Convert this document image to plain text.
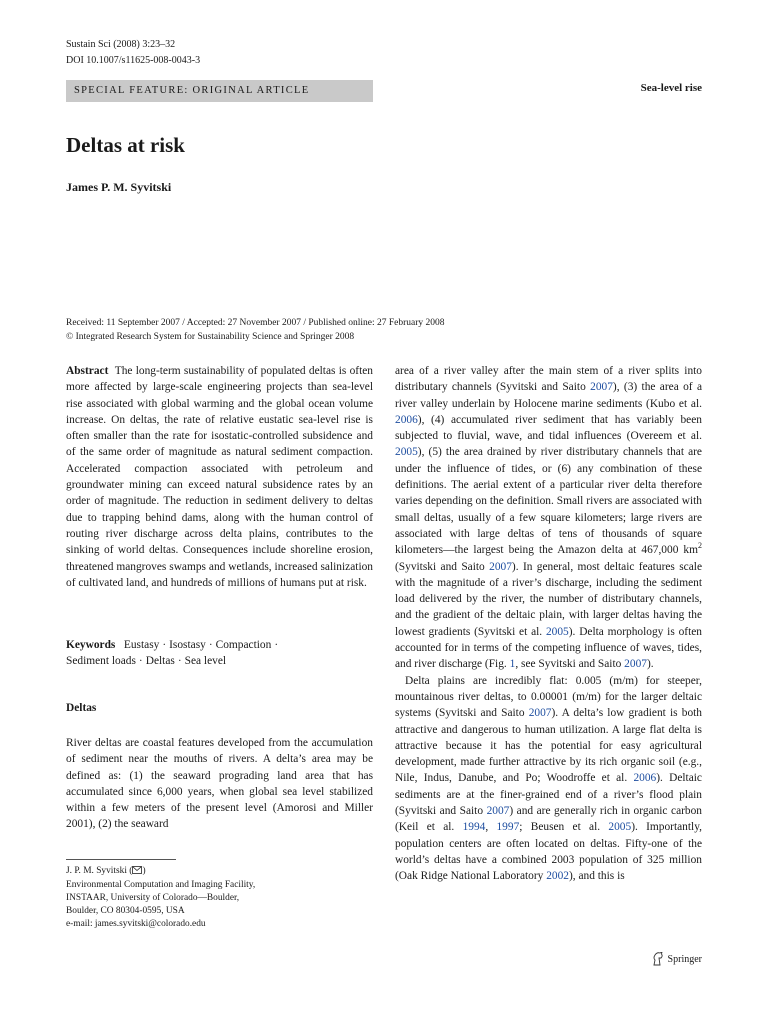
Sustain Sci (2008) 3:23–32
DOI 10.1007/s11625-008-0043-3
SPECIAL FEATURE: ORIGINAL ARTICLE	Sea-level rise
Deltas at risk
James P. M. Syvitski
Received: 11 September 2007 / Accepted: 27 November 2007 / Published online: 27 February 2008
© Integrated Research System for Sustainability Science and Springer 2008

Abstract The long-term sustainability of populated deltas is often more affected by large-scale engineering projects than sea-level rise associated with global warming and the global ocean volume increase. On deltas, the rate of relative eustatic sea-level rise is often smaller than the rate for isostatic-controlled subsidence and of the same order of magnitude as natural sediment compaction. Accelerated compaction associated with petroleum and groundwater mining can exceed natural subsidence rates by an order of magnitude. The reduction in sediment delivery to deltas due to trapping behind dams, along with the human control of routing river discharge across delta plains, contributes to the sinking of world deltas. Consequences include shoreline erosion, threatened mangroves swamps and wetlands, increased salinization of cultivated land, and hundreds of millions of humans put at risk.

Keywords Eustasy · Isostasy · Compaction ·
Sediment loads · Deltas · Sea level
Deltas

River deltas are coastal features developed from the accumulation of sediment near the mouths of rivers. A delta’s area may be defined as: (1) the seaward prograding land area that has accumulated since 6,000 years, when global sea level stabilized within a few meters of the present level (Amorosi and Miller 2001), (2) the seaward

J. P. M. Syvitski ( )
Environmental Computation and Imaging Facility,
INSTAAR, University of Colorado—Boulder,
Boulder, CO 80304-0595, USA
e-mail: james.syvitski@colorado.edu

area of a river valley after the main stem of a river splits into distributary channels (Syvitski and Saito 2007), (3) the area of a river valley underlain by Holocene marine sediments (Kubo et al. 2006), (4) accumulated river sediment that has variably been subjected to fluvial, wave, and tidal influences (Overeem et al. 2005), (5) the area drained by river distributary channels that are under the influence of tides, or (6) any combination of these definitions. The aerial extent of a particular river delta therefore varies depending on the definition. Small rivers are associated with small deltas, usually of a few square kilometers; large rivers are associated with large deltas of tens of thousands of square kilometers—the largest being the Amazon delta at 467,000 $km^2$ (Syvitski and Saito 2007). In general, most deltaic features scale with the magnitude of a river’s discharge, including the sediment load delivered by the river, the number of distributary channels, and the gradient of the deltaic plain, with larger deltas having the lowest gradients (Syvitski et al. 2005). Delta morphology is often accounted for in terms of the competing influence of waves, tides, and river discharge (Fig. 1, see Syvitski and Saito 2007).

Delta plains are incredibly flat: 0.005 (m/m) for steeper, mountainous river deltas, to 0.00001 (m/m) for the larger deltaic systems (Syvitski and Saito 2007). A delta’s low gradient is both attractive and dangerous to human utilization. A large flat delta is attractive because it has the potential for easy agricultural development, made further attractive by its rich organic soil (e.g., Nile, Indus, Danube, and Po; Woodroffe et al. 2006). Deltaic sediments are at the finer-grained end of a river’s flood plain (Syvitski and Saito 2007) and are generally rich in organic carbon (Keil et al. 1994, 1997; Beusen et al. 2005). Importantly, population centers are often located on deltas. Fifty-one of the world’s deltas have a combined 2003 population of 325 million (Oak Ridge National Laboratory 2002), and this is

Springer
